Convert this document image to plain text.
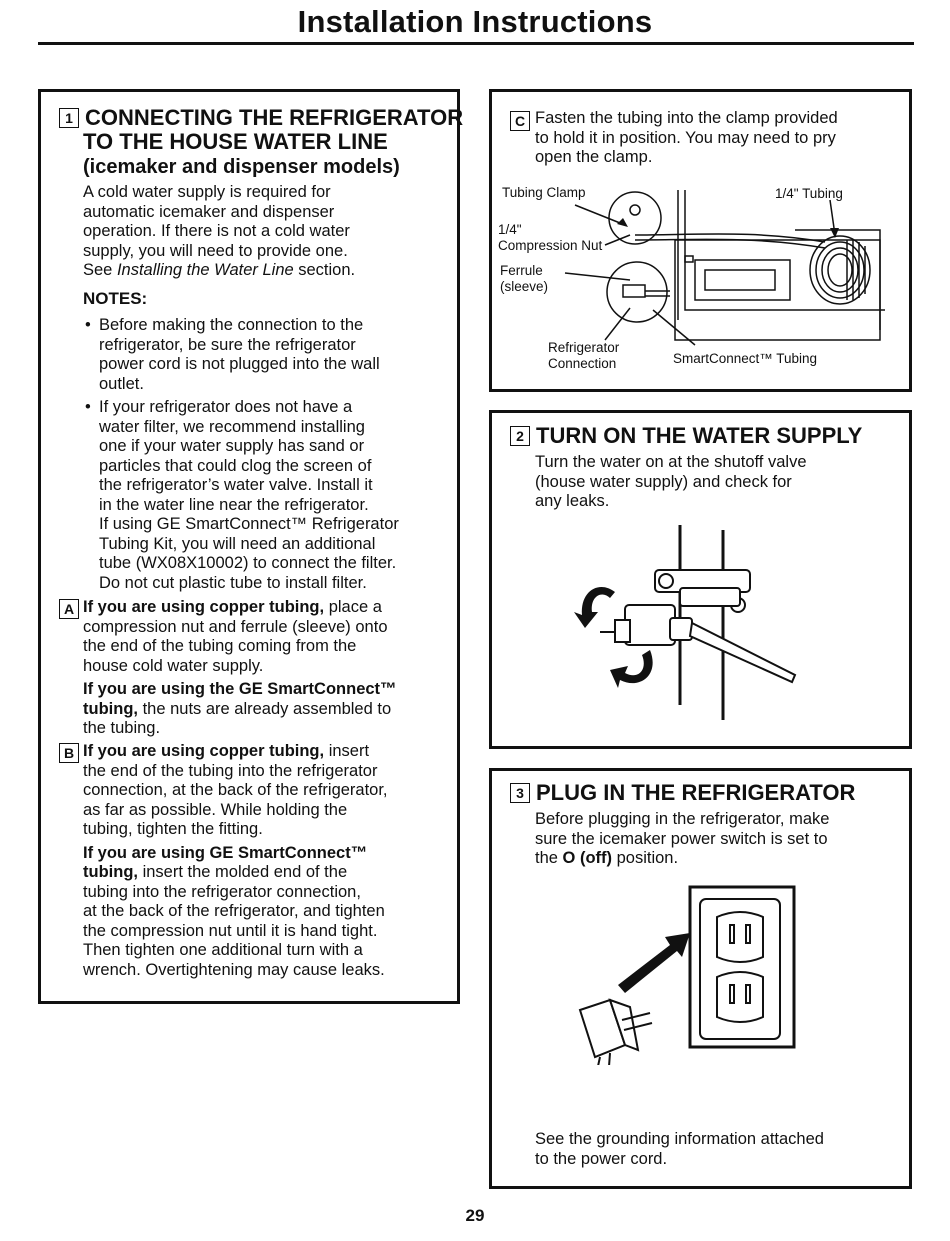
Installation Instructions
1 CONNECTING THE REFRIGERATOR
TO THE HOUSE WATER LINE
(icemaker and dispenser models)
A cold water supply is required for
automatic icemaker and dispenser
operation. If there is not a cold water
supply, you will need to provide one.
See Installing the Water Line section.
NOTES:
• Before making the connection to the
refrigerator, be sure the refrigerator
power cord is not plugged into the wall
outlet.
• If your refrigerator does not have a
water filter, we recommend installing
one if your water supply has sand or
particles that could clog the screen of
the refrigerator’s water valve. Install it
in the water line near the refrigerator.
If using GE SmartConnect™ Refrigerator
Tubing Kit, you will need an additional
tube (WX08X10002) to connect the filter.
Do not cut plastic tube to install filter.
A If you are using copper tubing, place a
compression nut and ferrule (sleeve) onto
the end of the tubing coming from the
house cold water supply.
If you are using the GE SmartConnect™
tubing, the nuts are already assembled to
the tubing.
B If you are using copper tubing, insert
the end of the tubing into the refrigerator
connection, at the back of the refrigerator,
as far as possible. While holding the
tubing, tighten the fitting.
If you are using GE SmartConnect™
tubing, insert the molded end of the
tubing into the refrigerator connection,
at the back of the refrigerator, and tighten
the compression nut until it is hand tight.
Then tighten one additional turn with a
wrench. Overtightening may cause leaks.
C Fasten the tubing into the clamp provided
to hold it in position. You may need to pry
open the clamp.
Tubing Clamp	1/4" Tubing
1/4"
Compression Nut
Ferrule
(sleeve)
Refrigerator
Connection	SmartConnect™ Tubing
2 TURN ON THE WATER SUPPLY
Turn the water on at the shutoff valve
(house water supply) and check for
any leaks.
3 PLUG IN THE REFRIGERATOR
Before plugging in the refrigerator, make
sure the icemaker power switch is set to
the O (off) position.
See the grounding information attached
to the power cord.
29
